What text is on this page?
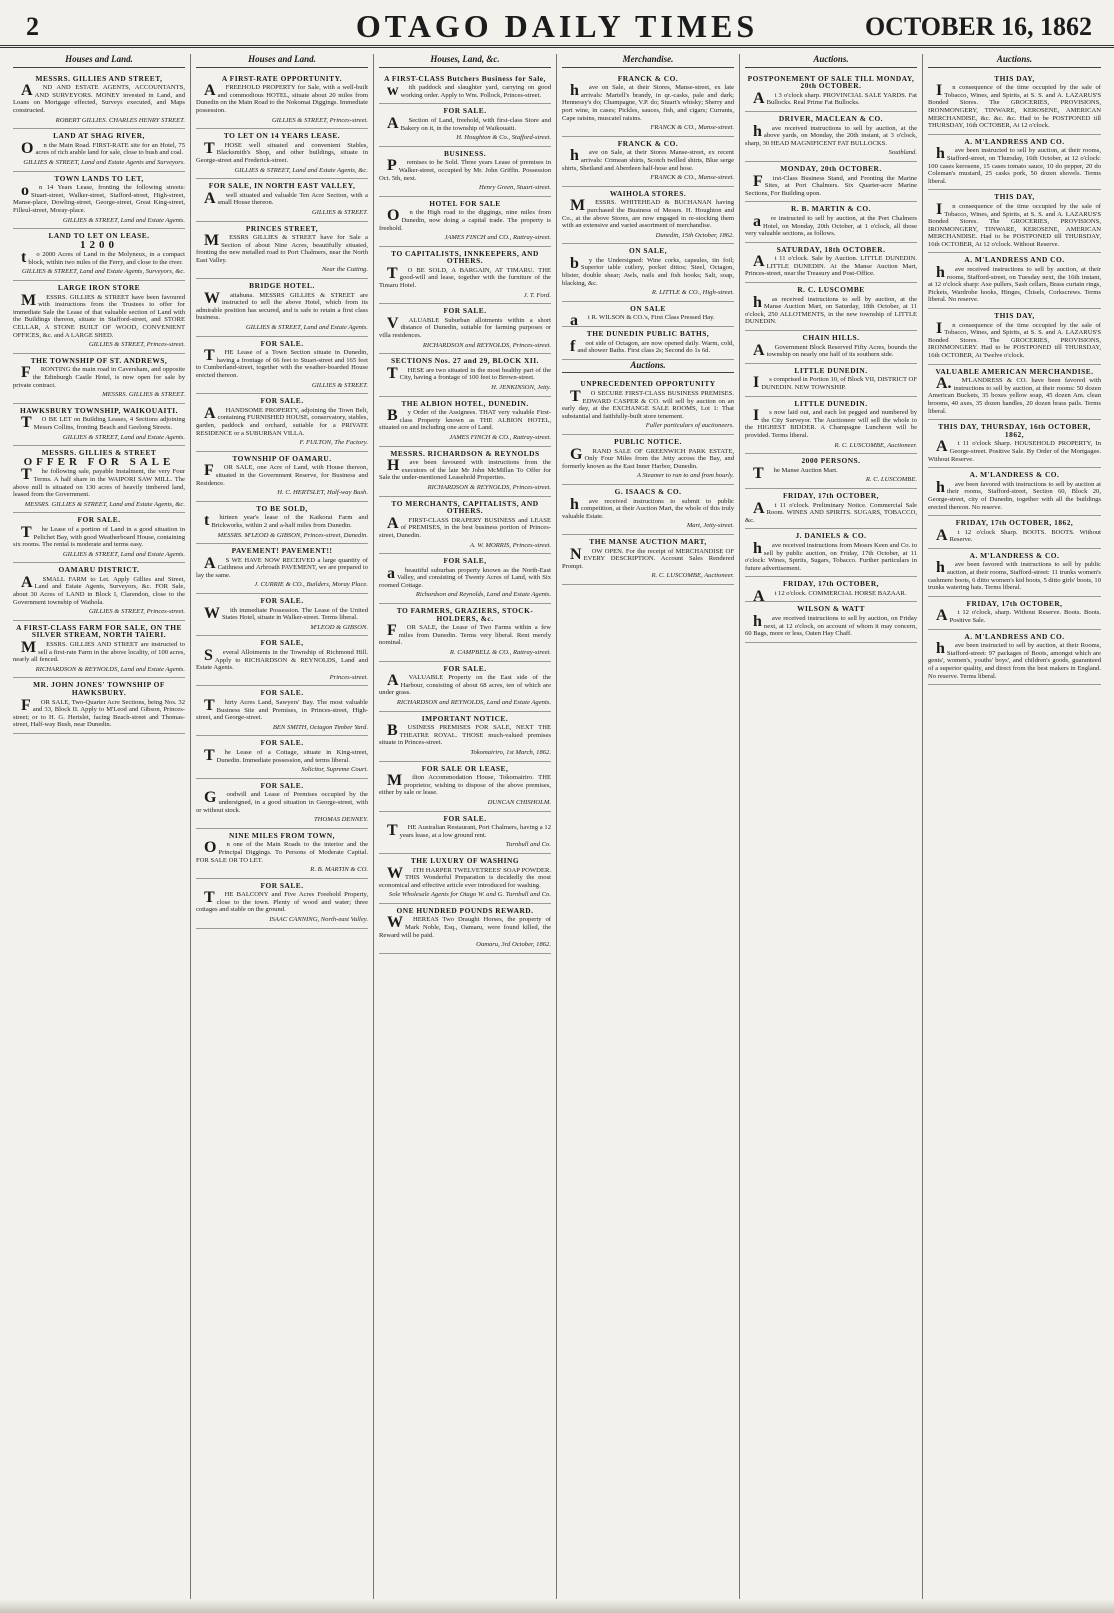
2	OTAGO DAILY TIMES	OCTOBER 16, 1862
Houses and Land.
MESSRS. GILLIES AND STREET,
AND AND ESTATE AGENTS, ACCOUNTANTS, AND SURVEYORS. MONEY invested in Land, and Loans on Mortgage effected, Surveys executed, and Maps constructed.
ROBERT GILLIES. CHARLES HENRY STREET.
LAND AT SHAG RIVER,
On the Main Road. FIRST-RATE site for an Hotel, 75 acres of rich arable land for sale, close to bush and coal.
GILLIES & STREET, Land and Estate Agents and Surveyors.
TOWN LANDS TO LET,
on 14 Years Lease, fronting the following streets: Stuart-street, Walker-street, Stafford-street, High-street, Manse-place, Dowling-street, George-street, Great King-street, Filleul-street, Moray-place.
GILLIES & STREET, Land and Estate Agents.
LAND TO LET ON LEASE.
1200
to 2000 Acres of Land in the Molyneux, in a compact block, within two miles of the Ferry, and close to the river.
GILLIES & STREET, Land and Estate Agents, Surveyors, &c.
LARGE IRON STORE
MESSRS. GILLIES & STREET have been favoured with instructions from the Trustees to offer for immediate Sale the Lease of that valuable section of Land with the Buildings thereon, situate in Stafford-street, and STORE CELLAR, A STONE BUILT OF WOOD, CONVENIENT OFFICES, &c. and A LARGE SHED.
GILLIES & STREET, Princes-street.
THE TOWNSHIP OF ST. ANDREWS,
FRONTING the main road in Caversham, and opposite the Edinburgh Castle Hotel, is now open for sale by private contract.
MESSRS. GILLIES & STREET.
HAWKSBURY TOWNSHIP, WAIKOUAITI.
TO BE LET on Building Leases, 4 Sections adjoining Messrs Collins, fronting Beach and Geelong Streets.
GILLIES & STREET, Land and Estate Agents.
MESSRS. GILLIES & STREET
OFFER FOR SALE
The following sale, payable Instalment, the very Four Terms. A half share in the WAIPORI SAW MILL. The above mill is situated on 130 acres of heavily timbered land, leased from the Government.
MESSRS. GILLIES & STREET, Land and Estate Agents, &c.
FOR SALE.
The Lease of a portion of Land in a good situation in Pelichet Bay, with good Weatherboard House, containing six rooms. The rental is moderate and terms easy.
GILLIES & STREET, Land and Estate Agents.
OAMARU DISTRICT.
ASMALL FARM to Let. Apply Gillies and Street, Land and Estate Agents, Surveyors, &c. FOR Sale, about 30 Acres of LAND in Block I, Clarendon, close to the Government township of Waihola.
GILLIES & STREET, Princes-street.
A FIRST-CLASS FARM FOR SALE, ON THE SILVER STREAM, NORTH TAIERI.
MESSRS. GILLIES AND STREET are instructed to sell a first-rate Farm in the above locality, of 100 acres, nearly all fenced.
RICHARDSON & REYNOLDS, Land and Estate Agents.
MR. JOHN JONES' TOWNSHIP OF HAWKSBURY.
FOR SALE, Two-Quarter Acre Sections, being Nos. 32 and 33, Block II. Apply to M'Leod and Gibson, Princes-street; or to H. G. Hertslet, facing Beach-street and Thomas-street, Half-way Bush, near Dunedin.
Houses and Land.
A FIRST-RATE OPPORTUNITY.
AFREEHOLD PROPERTY for Sale, with a well-built and commodious HOTEL, situate about 20 miles from Dunedin on the Main Road to the Nokomai Diggings. Immediate possession.
GILLIES & STREET, Princes-street.
TO LET ON 14 YEARS LEASE.
THOSE well situated and convenient Stables, Blacksmith's Shop, and other buildings, situate in George-street and Frederick-street.
GILLIES & STREET, Land and Estate Agents, &c.
FOR SALE, IN NORTH EAST VALLEY,
Awell situated and valuable Ten Acre Section, with a small House thereon.
GILLIES & STREET.
PRINCES STREET,
MESSRS GILLIES & STREET have for Sale a Section of about Nine Acres, beautifully situated, fronting the new metalled road to Port Chalmers, near the North East Valley.
Near the Cutting.
BRIDGE HOTEL.
Waitahuna. MESSRS GILLIES & STREET are instructed to sell the above Hotel, which from its admirable position has secured, and is safe to retain a first class business.
GILLIES & STREET, Land and Estate Agents.
FOR SALE.
THE Lease of a Town Section situate in Dunedin, having a frontage of 66 feet to Stuart-street and 165 feet to Cumberland-street, together with the weather-boarded House erected thereon.
GILLIES & STREET.
FOR SALE.
AHANDSOME PROPERTY, adjoining the Town Belt, containing FURNISHED HOUSE, conservatory, stables, garden, paddock and orchard, suitable for a PRIVATE RESIDENCE or a SUBURBAN VILLA.
F. FULTON, The Factory.
TOWNSHIP OF OAMARU.
FOR SALE, one Acre of Land, with House thereon, situated in the Government Reserve, for Business and Residence.
H. C. HERTSLET, Half-way Bush.
TO BE SOLD,
thirteen year's lease of the Kaikorai Farm and Brickworks, within 2 and a-half miles from Dunedin.
MESSRS. M'LEOD & GIBSON, Princes-street, Dunedin.
PAVEMENT! PAVEMENT!!
AS WE HAVE NOW RECEIVED a large quantity of Caithness and Arbroath PAVEMENT, we are prepared to lay the same.
J. CURRIE & CO., Builders, Moray Place.
FOR SALE.
With immediate Possession. The Lease of the United States Hotel, situate in Walker-street. Terms liberal.
M'LEOD & GIBSON.
FOR SALE,
Several Allotments in the Township of Richmond Hill. Apply to RICHARDSON & REYNOLDS, Land and Estate Agents.
Princes-street.
FOR SALE.
Thirty Acres Land, Sawyers' Bay. The most valuable Business Site and Premises, in Princes-street, High-street, and George-street.
BEN SMITH, Octagon Timber Yard.
FOR SALE.
The Lease of a Cottage, situate in King-street, Dunedin. Immediate possession, and terms liberal.
Solicitor, Supreme Court.
FOR SALE.
Goodwill and Lease of Premises occupied by the undersigned, in a good situation in George-street, with or without stock.
THOMAS DENNEY.
NINE MILES FROM TOWN,
On one of the Main Roads to the interior and the Principal Diggings. To Persons of Moderate Capital. FOR SALE OR TO LET.
R. B. MARTIN & CO.
FOR SALE.
THE BALCONY and Five Acres Freehold Property, close to the town. Plenty of wood and water; three cottages and stable on the ground.
ISAAC CANNING, North-east Valley.
Houses, Land, &c.
A FIRST-CLASS Butchers Business for Sale,
with paddock and slaughter yard, carrying on good working order. Apply to Wm. Pollock, Princes-street.
FOR SALE.
ASection of Land, freehold, with first-class Store and Bakery on it, in the township of Waikouaiti.
H. Houghton & Co., Stafford-street.
BUSINESS.
Premises to be Sold. Three years Lease of premises in Walker-street, occupied by Mr. John Griffin. Possession Oct. 5th, next.
Henry Green, Stuart-street.
HOTEL FOR SALE
On the High road to the diggings, nine miles from Dunedin, now doing a capital trade. The property is freehold.
JAMES FINCH and CO., Rattray-street.
TO CAPITALISTS, INNKEEPERS, AND OTHERS.
TO BE SOLD, A BARGAIN, AT TIMARU. THE good-will and lease, together with the furniture of the Timaru Hotel.
J. T. Ford.
FOR SALE.
VALUABLE Suburban allotments within a short distance of Dunedin, suitable for farming purposes or villa residences.
RICHARDSON and REYNOLDS, Princes-street.
SECTIONS Nos. 27 and 29, BLOCK XII.
THESE are two situated in the most healthy part of the City, having a frontage of 100 feet to Brown-street.
H. JENKINSON, Jetty.
THE ALBION HOTEL, DUNEDIN.
By Order of the Assignees. THAT very valuable First-class Property known as THE ALBION HOTEL, situated on and including one acre of Land.
JAMES FINCH & CO., Rattray-street.
MESSRS. RICHARDSON & REYNOLDS
Have been favoured with instructions from the executors of the late Mr John McMillan To Offer for Sale the under-mentioned Leasehold Properties.
RICHARDSON & REYNOLDS, Princes-street.
TO MERCHANTS, CAPITALISTS, AND OTHERS.
AFIRST-CLASS DRAPERY BUSINESS and LEASE of PREMISES, in the best business portion of Princes-street, Dunedin.
A. W. MORRIS, Princes-street.
FOR SALE,
abeautiful suburban property known as the North-East Valley, and consisting of Twenty Acres of Land, with Six roomed Cottage.
Richardson and Reynolds, Land and Estate Agents.
TO FARMERS, GRAZIERS, STOCK-HOLDERS, &c.
FOR SALE, the Lease of Two Farms within a few miles from Dunedin. Terms very liberal. Rent merely nominal.
R. CAMPBELL & CO., Rattray-street.
FOR SALE.
AVALUABLE Property on the East side of the Harbour, consisting of about 68 acres, ten of which are under grass.
RICHARDSON and REYNOLDS, Land and Estate Agents.
IMPORTANT NOTICE.
BUSINESS PREMISES FOR SALE, NEXT THE THEATRE ROYAL. THOSE much-valued premises situate in Princes-street.
Tokomairiro, 1st March, 1862.
FOR SALE OR LEASE,
Milton Accommodation House, Tokomairiro. THE proprietor, wishing to dispose of the above premises, either by sale or lease.
DUNCAN CHISHOLM.
FOR SALE.
THE Australian Restaurant, Port Chalmers, having a 12 years lease, at a low ground rent.
Turnbull and Co.
THE LUXURY OF WASHING
WITH HARPER TWELVETREES' SOAP POWDER. THIS Wonderful Preparation is decidedly the most economical and effective article ever introduced for washing.
Sole Wholesale Agents for Otago W. and G. Turnbull and Co.
ONE HUNDRED POUNDS REWARD.
WHEREAS Two Draught Horses, the property of Mark Noble, Esq., Oamaru, were found killed, the Reward will be paid.
Oamaru, 3rd October, 1862.
Merchandise.
FRANCK & CO.
have on Sale, at their Stores, Manse-street, ex late arrivals: Martell's brandy, in qr.-casks, pale and dark; Hennessy's do; Champagne, V.P. do; Stuart's whisky; Sherry and port wine, in cases; Pickles, sauces, fish, and cigars; Currants, Cape raisins, muscatel raisins.
FRANCK & CO., Manse-street.
FRANCK & CO.
have on Sale, at their Stores Manse-street, ex recent arrivals: Crimean shirts, Scotch twilled shirts, Blue serge shirts, Shetland and Aberdeen half-hose and hose.
FRANCK & CO., Manse-street.
WAIHOLA STORES.
MESSRS. WHITEHEAD & BUCHANAN having purchased the Business of Messrs. H. Houghton and Co., at the above Stores, are now engaged in re-stocking them with an extensive and varied assortment of merchandise.
Dunedin, 15th October, 1862.
ON SALE,
by the Undersigned: Wine corks, capsules, tin foil; Superior table cutlery, pocket dittos; Steel, Octagon, blister, double shear; Awls, nails and fish hooks; Salt, soap, blacking, &c.
R. LITTLE & CO., High-street.
ON SALE
at R. WILSON & CO.'s, First Class Pressed Hay.
THE DUNEDIN PUBLIC BATHS,
foot side of Octagon, are now opened daily. Warm, cold, and shower Baths. First class 2s; Second do 1s 6d.
Auctions.
UNPRECEDENTED OPPORTUNITY
TO SECURE FIRST-CLASS BUSINESS PREMISES. EDWARD CASPER & CO. will sell by auction on an early day, at the EXCHANGE SALE ROOMS, Lot 1: That substantial and faithfully-built store tenement.
Fuller particulars of auctioneers.
PUBLIC NOTICE.
GRAND SALE OF GREENWICH PARK ESTATE, Only Four Miles from the Jetty across the Bay, and formerly known as the East Inner Harbor, Dunedin.
A Steamer to run to and from hourly.
G. ISAACS & CO.
have received instructions to submit to public competition, at their Auction Mart, the whole of this truly valuable Estate.
Mart, Jetty-street.
THE MANSE AUCTION MART,
NOW OPEN. For the receipt of MERCHANDISE OF EVERY DESCRIPTION. Account Sales Rendered Prompt.
R. C. LUSCOMBE, Auctioneer.
Auctions.
POSTPONEMENT OF SALE TILL MONDAY, 20th OCTOBER.
At 3 o'clock sharp. PROVINCIAL SALE YARDS. Fat Bullocks. Real Prime Fat Bullocks.
DRIVER, MACLEAN & CO.
have received instructions to sell by auction, at the above yards, on Monday, the 20th instant, at 3 o'clock, sharp, 30 HEAD MAGNIFICENT FAT BULLOCKS.
Southland.
MONDAY, 20th OCTOBER.
First-Class Business Stand, and Fronting the Marine Sites, at Port Chalmers. Six Quarter-acre Marine Sections, For Building upon.
R. B. MARTIN & CO.
are instructed to sell by auction, at the Port Chalmers Hotel, on Monday, 20th October, at 1 o'clock, all those very valuable sections, as follows.
SATURDAY, 18th OCTOBER.
At 11 o'clock. Sale by Auction. LITTLE DUNEDIN. LITTLE DUNEDIN. At the Manse Auction Mart, Princes-street, near the Treasury and Post-Office.
R. C. LUSCOMBE
has received instructions to sell by auction, at the Manse Auction Mart, on Saturday, 18th October, at 11 o'clock, 250 ALLOTMENTS, in the new township of LITTLE DUNEDIN.
CHAIN HILLS.
AGovernment Block Reserved Fifty Acres, bounds the township on nearly one half of its southern side.
LITTLE DUNEDIN.
Is comprised in Portion 10, of Block VII, DISTRICT OF DUNEDIN. NEW TOWNSHIP.
LITTLE DUNEDIN.
Is now laid out, and each lot pegged and numbered by the City Surveyor. The Auctioneer will sell the whole to the HIGHEST BIDDER. A Champagne Luncheon will be provided. Terms liberal.
R. C. LUSCOMBE, Auctioneer.
2000 PERSONS.
The Manse Auction Mart.
R. C. LUSCOMBE.
FRIDAY, 17th OCTOBER,
At 11 o'clock. Preliminary Notice. Commercial Sale Room. WINES AND SPIRITS. SUGARS, TOBACCO, &c.
J. DANIELS & CO.
have received instructions from Messrs Keen and Co. to sell by public auction, on Friday, 17th October, at 11 o'clock: Wines, Spirits, Sugars, Tobacco. Further particulars in future advertisement.
FRIDAY, 17th OCTOBER,
At 12 o'clock. COMMERCIAL HORSE BAZAAR.
WILSON & WATT
have received instructions to sell by auction, on Friday next, at 12 o'clock, on account of whom it may concern, 60 Bags, more or less, Oaten Hay Chaff.
Auctions.
THIS DAY,
In consequence of the time occupied by the sale of Tobacco, Wines, and Spirits, at S. S. and A. LAZARUS'S Bonded Stores. The GROCERIES, PROVISIONS, IRONMONGERY, TINWARE, KEROSENE, AMERICAN MERCHANDISE, &c. &c. &c. Had to be POSTPONED till THURSDAY, 16th OCTOBER, At 12 o'clock.
A. M'LANDRESS AND CO.
have been instructed to sell by auction, at their rooms, Stafford-street, on Thursday, 16th October, at 12 o'clock: 100 cases kerosene, 15 cases tomato sauce, 10 do pepper, 20 do Coleman's mustard, 25 casks pork, 50 dozen shovels. Terms liberal.
THIS DAY,
In consequence of the time occupied by the sale of Tobacco, Wines, and Spirits, at S. S. and A. LAZARUS'S Bonded Stores. The GROCERIES, PROVISIONS, IRONMONGERY, TINWARE, KEROSENE, AMERICAN MERCHANDISE. Had to be POSTPONED till THURSDAY, 16th OCTOBER, At 12 o'clock. Without Reserve.
A. M'LANDRESS AND CO.
have received instructions to sell by auction, at their rooms, Stafford-street, on Tuesday next, the 16th instant, at 12 o'clock sharp: Axe pullers, Sash cellars, Brass curtain rings, Pickets, Wardrobe hooks, Hinges, Chisels, Corkscrews. Terms liberal. No reserve.
THIS DAY,
In consequence of the time occupied by the sale of Tobacco, Wines, and Spirits, at S. S. and A. LAZARUS'S Bonded Stores. The GROCERIES, PROVISIONS, IRONMONGERY. Had to be POSTPONED till THURSDAY, 16th OCTOBER, At Twelve o'clock.
VALUABLE AMERICAN MERCHANDISE.
A.M'LANDRESS & CO. have been favored with instructions to sell by auction, at their rooms: 50 dozen American Buckets, 35 boxes yellow soap, 45 dozen Am. clean brooms, 40 axes, 35 dozen handles, 20 dozen brass pails. Terms liberal.
THIS DAY, THURSDAY, 16th OCTOBER, 1862,
At 11 o'clock Sharp. HOUSEHOLD PROPERTY, In George-street. Positive Sale. By Order of the Mortgagee. Without Reserve.
A. M'LANDRESS & CO.
have been favored with instructions to sell by auction at their rooms, Stafford-street, Section 60, Block 20, George-street, city of Dunedin, together with all the buildings erected thereon. No reserve.
FRIDAY, 17th OCTOBER, 1862,
At 12 o'clock Sharp. BOOTS. BOOTS. Without Reserve.
A. M'LANDRESS & CO.
have been favored with instructions to sell by public auction, at their rooms, Stafford-street: 11 trunks women's cashmere boots, 6 ditto women's kid boots, 5 ditto girls' boots, 10 trunks watering hats. Terms liberal.
FRIDAY, 17th OCTOBER,
At 12 o'clock, sharp. Without Reserve. Boots. Boots. Positive Sale.
A. M'LANDRESS AND CO.
have been instructed to sell by auction, at their Rooms, Stafford-street: 97 packages of Boots, amongst which are gents', women's, youths' boys', and children's goods, guaranteed of a superior quality, and direct from the best makers in England. No reserve. Terms liberal.
